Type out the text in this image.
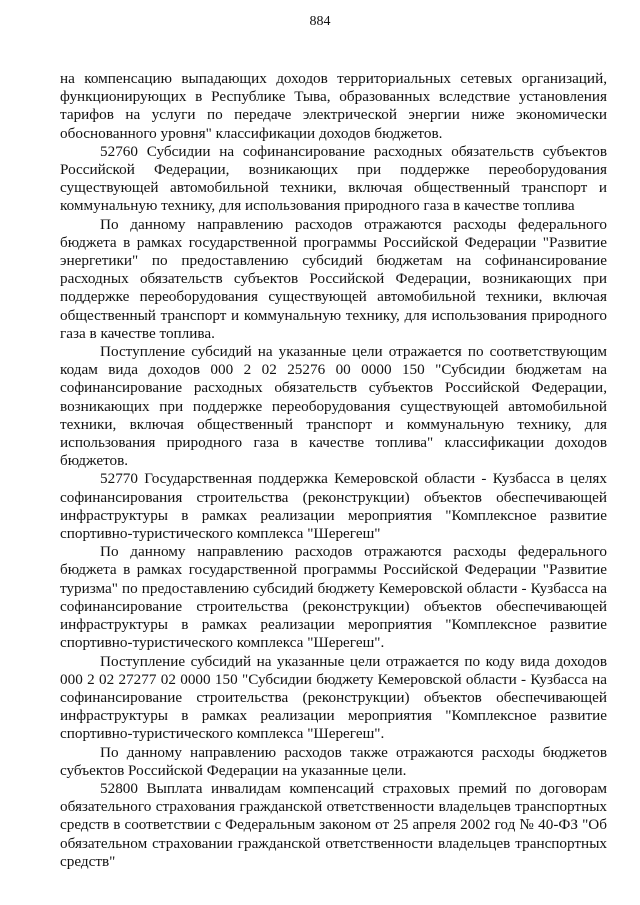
884

на компенсацию выпадающих доходов территориальных сетевых организаций, функционирующих в Республике Тыва, образованных вследствие установления тарифов на услуги по передаче электрической энергии ниже экономически обоснованного уровня" классификации доходов бюджетов.

52760 Субсидии на софинансирование расходных обязательств субъектов Российской Федерации, возникающих при поддержке переоборудования существующей автомобильной техники, включая общественный транспорт и коммунальную технику, для использования природного газа в качестве топлива

По данному направлению расходов отражаются расходы федерального бюджета в рамках государственной программы Российской Федерации "Развитие энергетики" по предоставлению субсидий бюджетам на софинансирование расходных обязательств субъектов Российской Федерации, возникающих при поддержке переоборудования существующей автомобильной техники, включая общественный транспорт и коммунальную технику, для использования природного газа в качестве топлива.

Поступление субсидий на указанные цели отражается по соответствующим кодам вида доходов 000 2 02 25276 00 0000 150 "Субсидии бюджетам на софинансирование расходных обязательств субъектов Российской Федерации, возникающих при поддержке переоборудования существующей автомобильной техники, включая общественный транспорт и коммунальную технику, для использования природного газа в качестве топлива" классификации доходов бюджетов.

52770 Государственная поддержка Кемеровской области - Кузбасса в целях софинансирования строительства (реконструкции) объектов обеспечивающей инфраструктуры в рамках реализации мероприятия "Комплексное развитие спортивно-туристического комплекса "Шерегеш"

По данному направлению расходов отражаются расходы федерального бюджета в рамках государственной программы Российской Федерации "Развитие туризма" по предоставлению субсидий бюджету Кемеровской области - Кузбасса на софинансирование строительства (реконструкции) объектов обеспечивающей инфраструктуры в рамках реализации мероприятия "Комплексное развитие спортивно-туристического комплекса "Шерегеш".

Поступление субсидий на указанные цели отражается по коду вида доходов 000 2 02 27277 02 0000 150 "Субсидии бюджету Кемеровской области - Кузбасса на софинансирование строительства (реконструкции) объектов обеспечивающей инфраструктуры в рамках реализации мероприятия "Комплексное развитие спортивно-туристического комплекса "Шерегеш".

По данному направлению расходов также отражаются расходы бюджетов субъектов Российской Федерации на указанные цели.

52800 Выплата инвалидам компенсаций страховых премий по договорам обязательного страхования гражданской ответственности владельцев транспортных средств в соответствии с Федеральным законом от 25 апреля 2002 год № 40-ФЗ "Об обязательном страховании гражданской ответственности владельцев транспортных средств"
